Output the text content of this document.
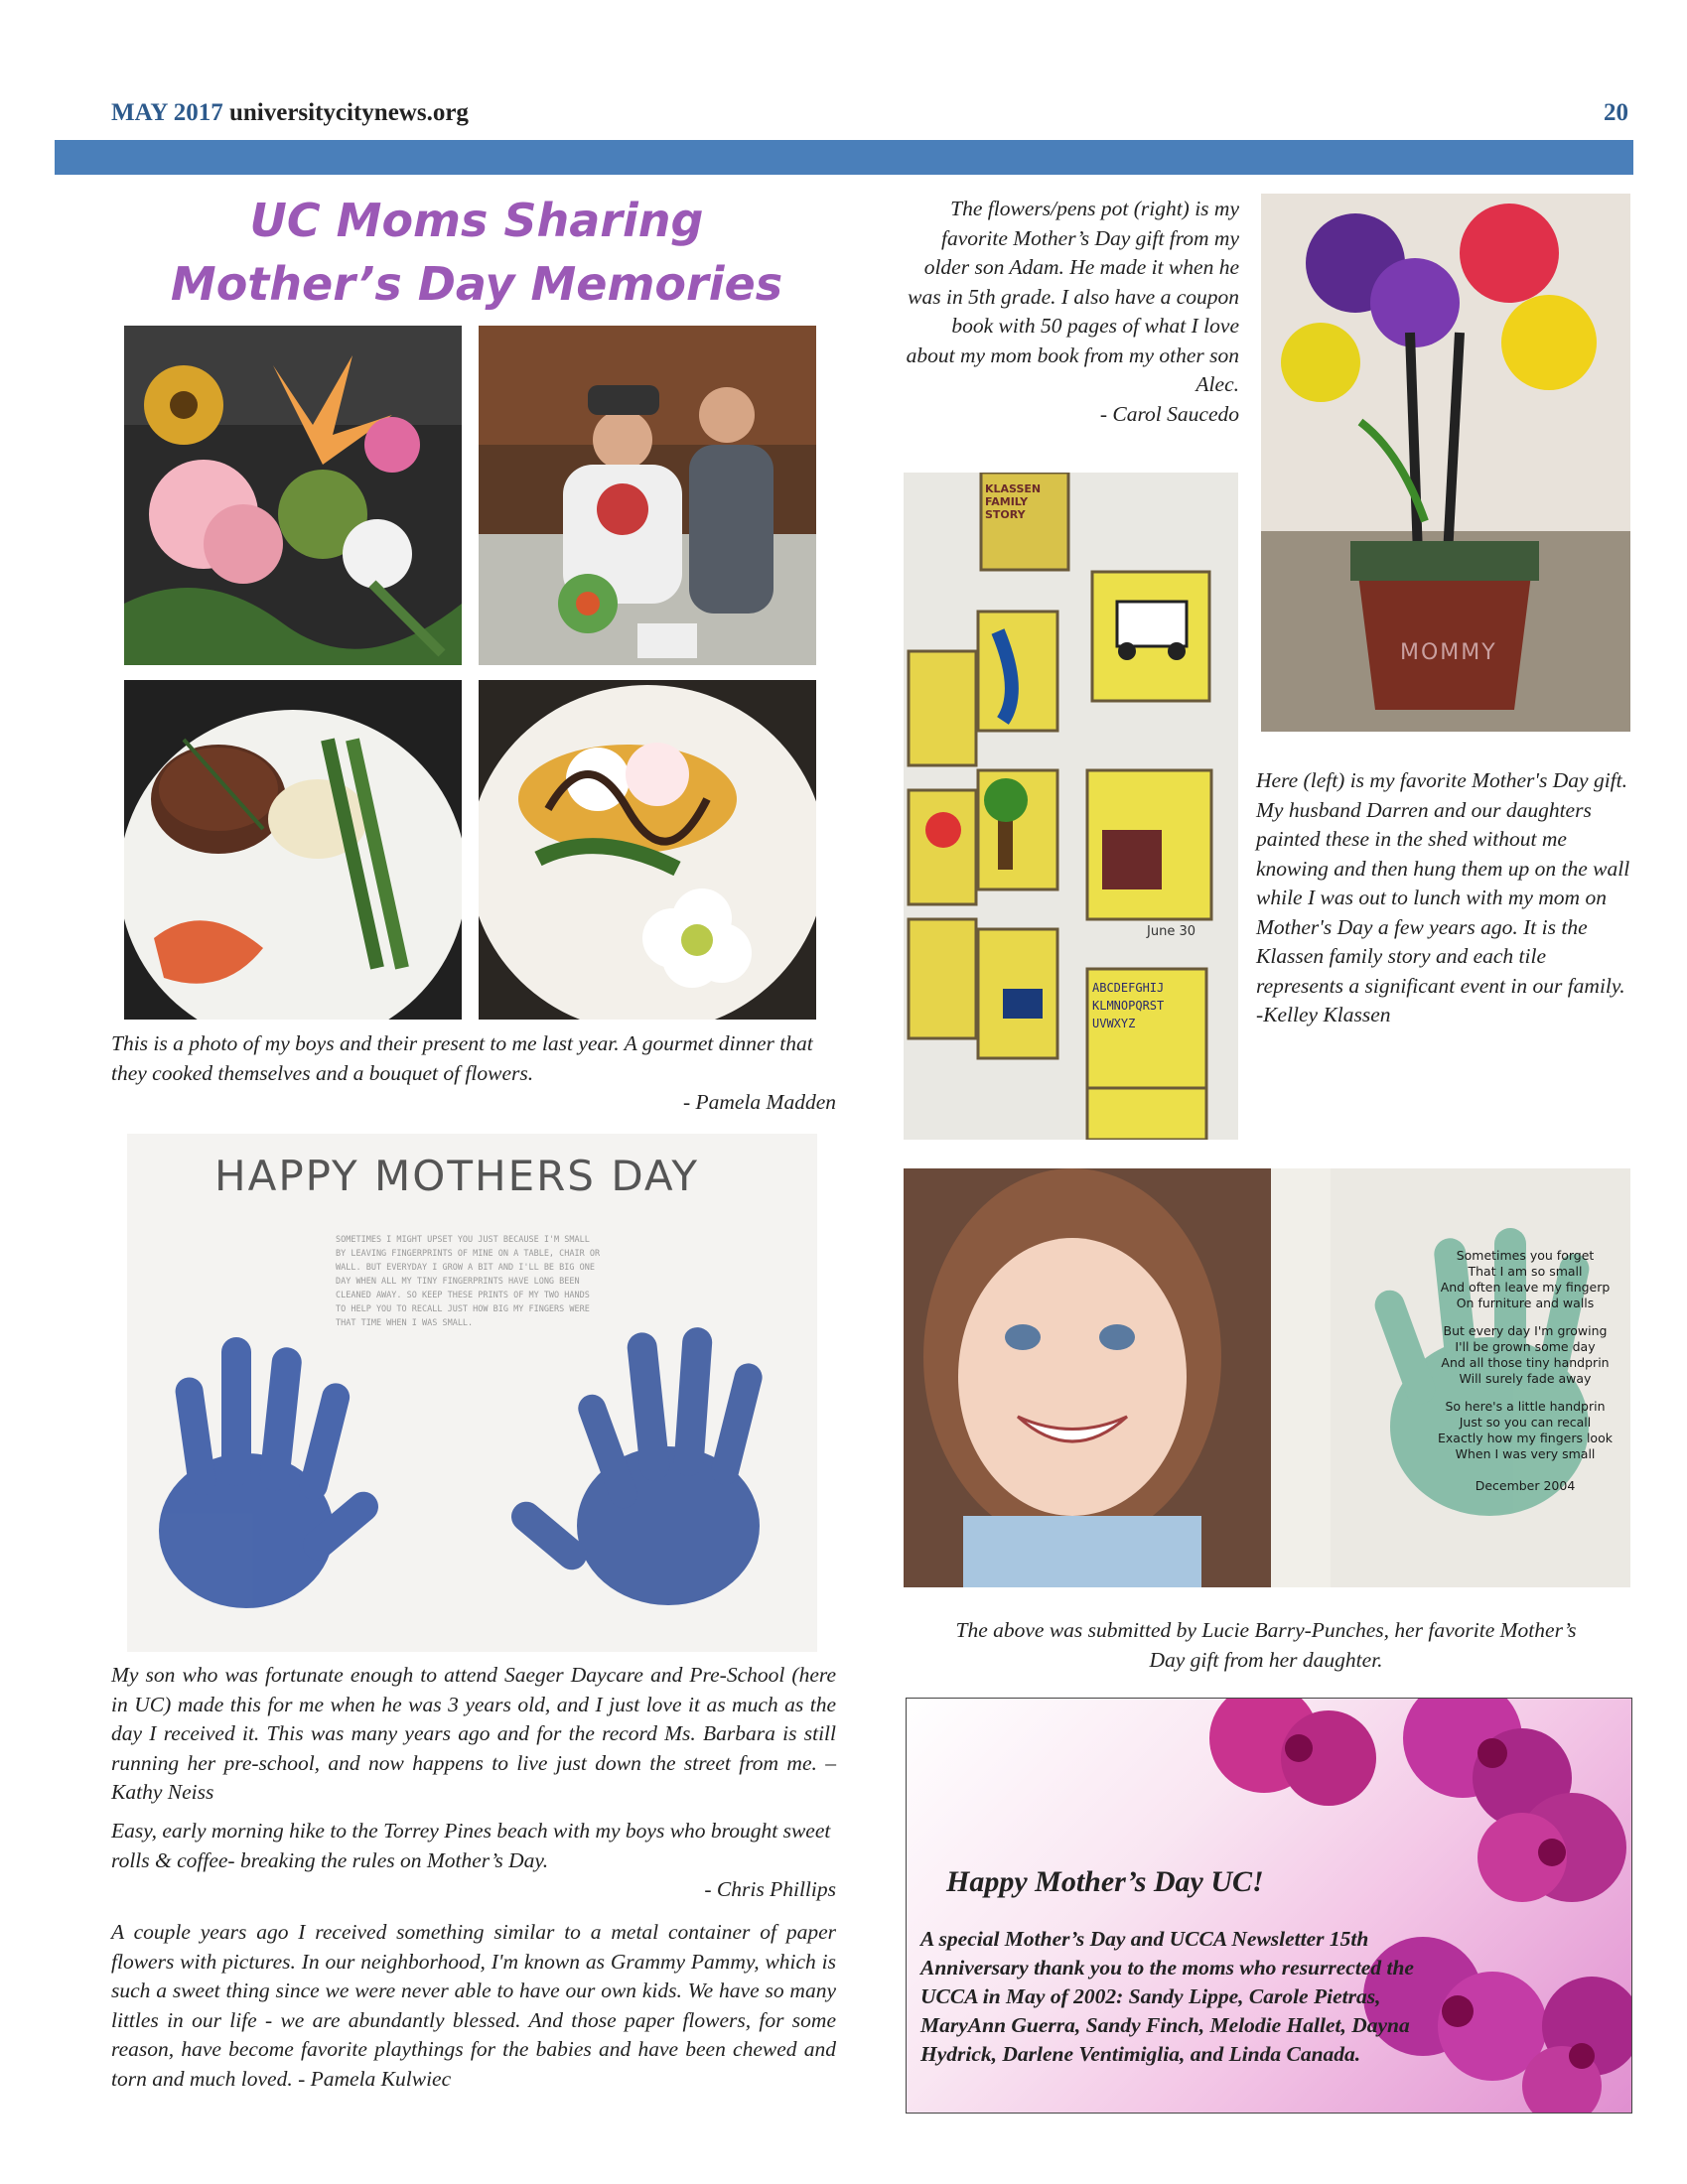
MAY 2017 universitycitynews.org	20
UC Moms Sharing
Mother’s Day Memories
This is a photo of my boys and their present to me last year. A gourmet dinner that they cooked themselves and a bouquet of flowers.
- Pamela Madden
HAPPY MOTHERS DAY
SOMETIMES I MIGHT UPSET YOU JUST BECAUSE I'M SMALL BY LEAVING FINGERPRINTS OF MINE ON A TABLE, CHAIR OR WALL. BUT EVERYDAY I GROW A BIT AND I'LL BE BIG ONE DAY WHEN ALL MY TINY FINGERPRINTS HAVE LONG BEEN CLEANED AWAY. SO KEEP THESE PRINTS OF MY TWO HANDS TO HELP YOU TO RECALL JUST HOW BIG MY FINGERS WERE THAT TIME WHEN I WAS SMALL.
My son who was fortunate enough to attend Saeger Daycare and Pre-School (here in UC) made this for me when he was 3 years old, and I just love it as much as the day I received it. This was many years ago and for the record Ms. Barbara is still running her pre-school, and now happens to live just down the street from me. – Kathy Neiss
Easy, early morning hike to the Torrey Pines beach with my boys who brought sweet rolls & coffee- breaking the rules on Mother’s Day.
- Chris Phillips
A couple years ago I received something similar to a metal container of paper flowers with pictures. In our neighborhood, I'm known as Grammy Pammy, which is such a sweet thing since we were never able to have our own kids. We have so many littles in our life - we are abundantly blessed. And those paper flowers, for some reason, have become favorite playthings for the babies and have been chewed and torn and much loved. - Pamela Kulwiec
The flowers/pens pot (right) is my favorite Mother’s Day gift from my older son Adam. He made it when he was in 5th grade. I also have a coupon book with 50 pages of what I love about my mom book from my other son Alec.
- Carol Saucedo
MOMMY
KLASSEN FAMILY STORY
June 30
ABCDEFGHIJ KLMNOPQRST UVWXYZ
Here (left) is my favorite Mother's Day gift. My husband Darren and our daughters painted these in the shed without me knowing and then hung them up on the wall while I was out to lunch with my mom on Mother's Day a few years ago. It is the Klassen family story and each tile represents a significant event in our family.
-Kelley Klassen
Sometimes you forget
That I am so small
And often leave my fingerp
On furniture and walls
But every day I'm growing
I'll be grown some day
And all those tiny handprin
Will surely fade away
So here's a little handprin
Just so you can recall
Exactly how my fingers look
When I was very small
December 2004
The above was submitted by Lucie Barry-Punches, her favorite Mother’s Day gift from her daughter.
Happy Mother’s Day UC!
A special Mother’s Day and UCCA Newsletter 15th Anniversary thank you to the moms who resurrected the UCCA in May of 2002: Sandy Lippe, Carole Pietras, MaryAnn Guerra, Sandy Finch, Melodie Hallet, Dayna Hydrick, Darlene Ventimiglia, and Linda Canada.
